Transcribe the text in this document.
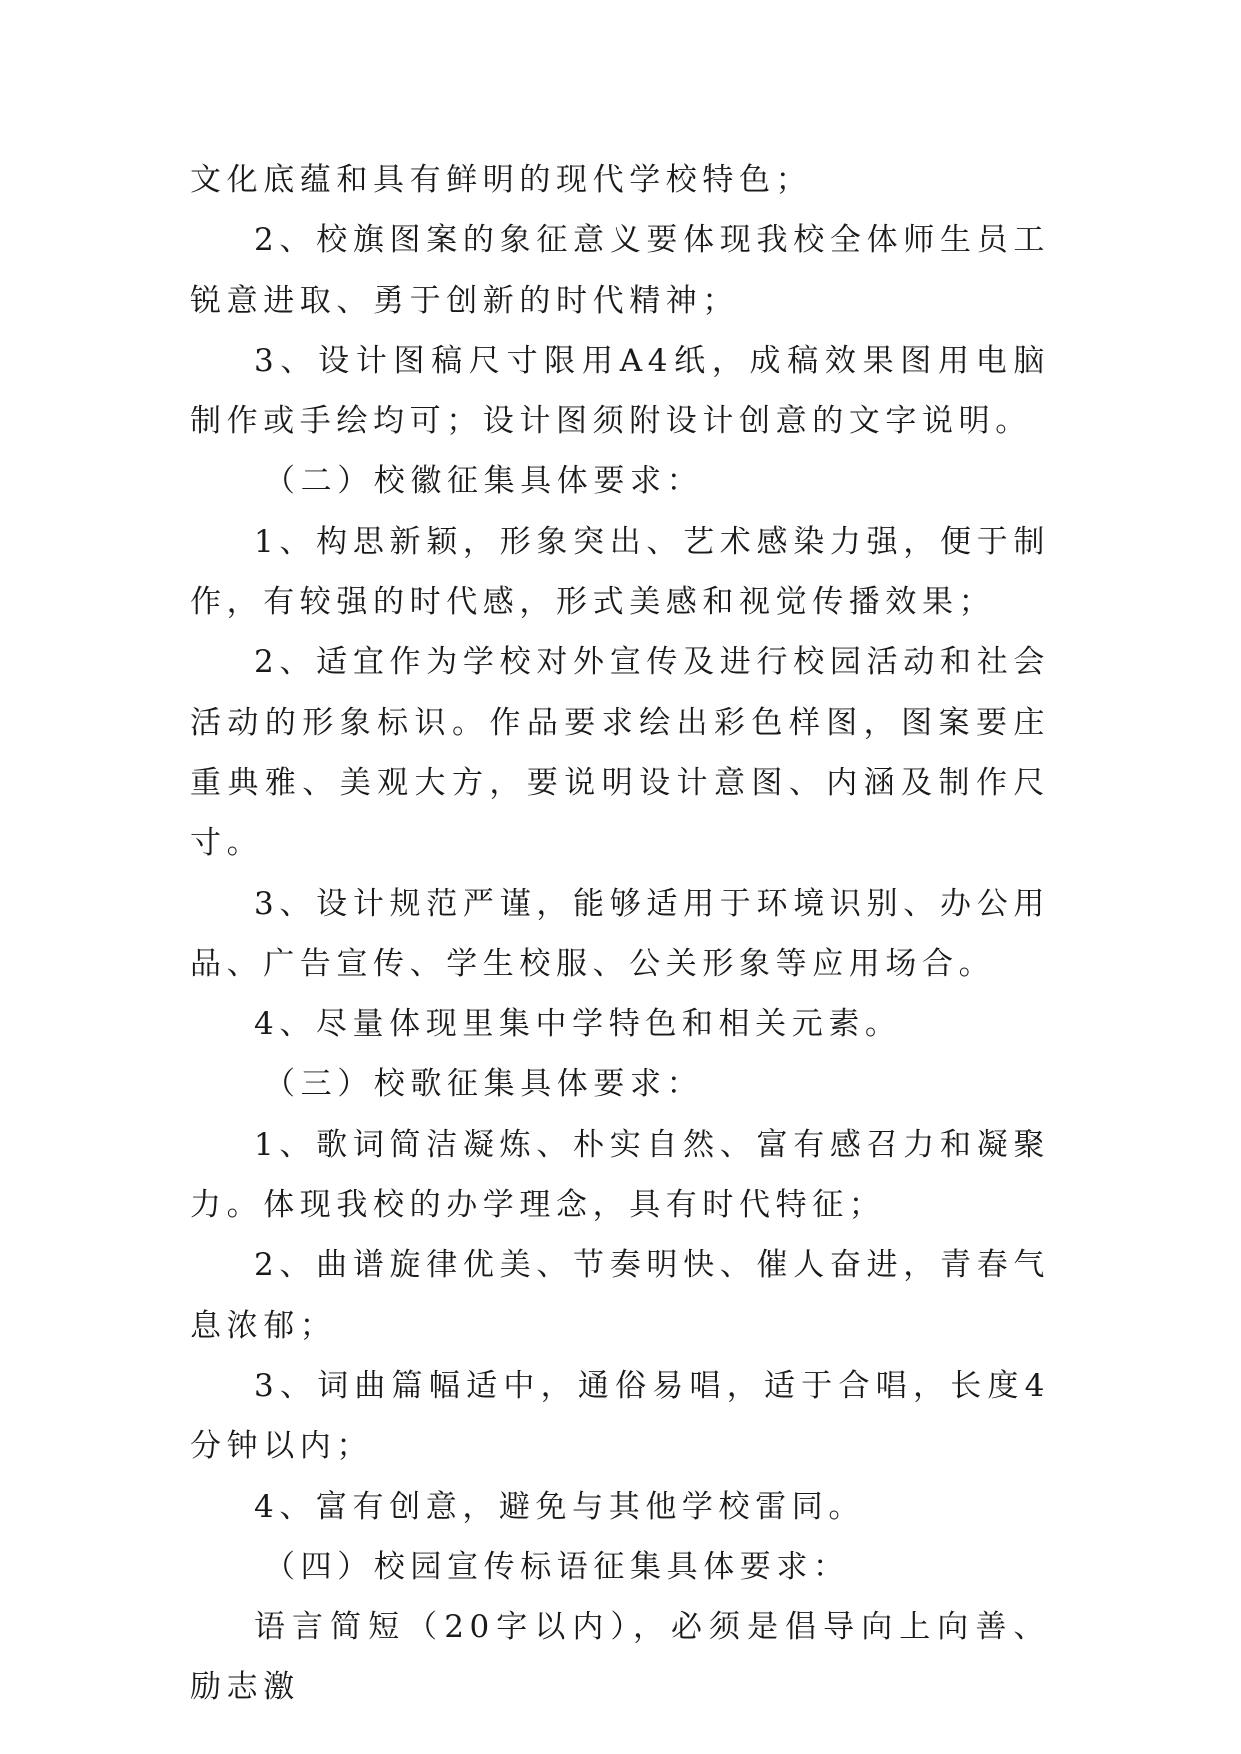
文化底蕴和具有鲜明的现代学校特色；

2、校旗图案的象征意义要体现我校全体师生员工锐意进取、勇于创新的时代精神；

3、设计图稿尺寸限用A4纸，成稿效果图用电脑制作或手绘均可；设计图须附设计创意的文字说明。

（二）校徽征集具体要求：

1、构思新颖，形象突出、艺术感染力强，便于制作，有较强的时代感，形式美感和视觉传播效果；

2、适宜作为学校对外宣传及进行校园活动和社会活动的形象标识。作品要求绘出彩色样图，图案要庄重典雅、美观大方，要说明设计意图、内涵及制作尺寸。

3、设计规范严谨，能够适用于环境识别、办公用品、广告宣传、学生校服、公关形象等应用场合。

4、尽量体现里集中学特色和相关元素。

（三）校歌征集具体要求：

1、歌词简洁凝炼、朴实自然、富有感召力和凝聚力。体现我校的办学理念，具有时代特征；

2、曲谱旋律优美、节奏明快、催人奋进，青春气息浓郁；

3、词曲篇幅适中，通俗易唱，适于合唱，长度4分钟以内；

4、富有创意，避免与其他学校雷同。

（四）校园宣传标语征集具体要求：

语言简短（20字以内），必须是倡导向上向善、励志激
